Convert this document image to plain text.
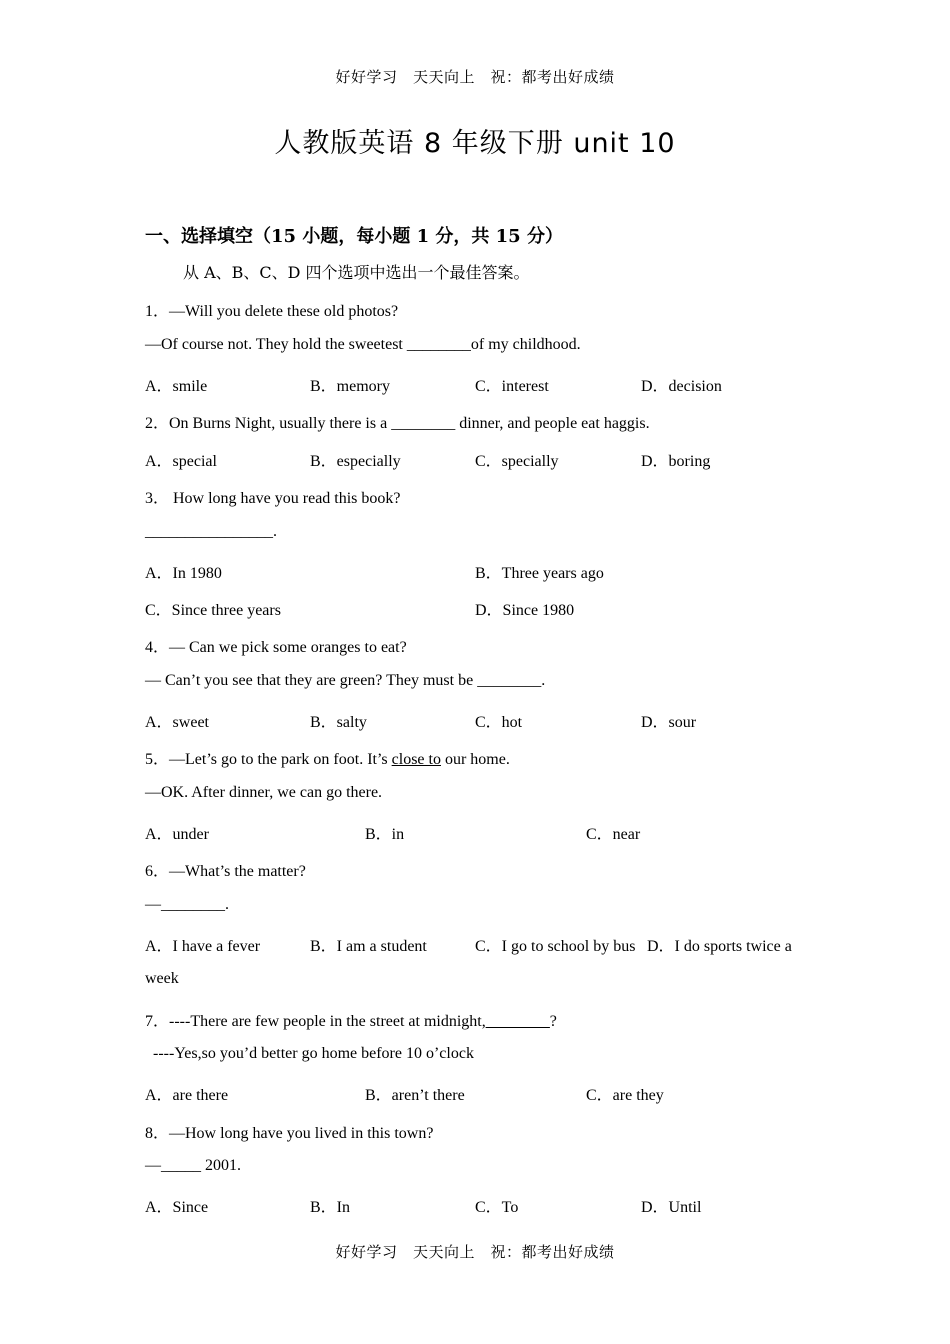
好好学习　天天向上　祝：都考出好成绩
人教版英语 8 年级下册 unit 10
一、选择填空（15 小题，每小题 1 分，共 15 分）
从 A、B、C、D 四个选项中选出一个最佳答案。
1．—Will you delete these old photos?
—Of course not. They hold the sweetest ________of my childhood.
A．smile	B．memory	C．interest	D．decision
2．On Burns Night, usually there is a ________ dinner, and people eat haggis.
A．special	B．especially	C．specially	D．boring
3． How long have you read this book?
________________.
A．In 1980	B．Three years ago
C．Since three years	D．Since 1980
4．— Can we pick some oranges to eat?
— Can’t you see that they are green? They must be ________.
A．sweet	B．salty	C．hot	D．sour
5．—Let’s go to the park on foot. It’s close to our home.
—OK. After dinner, we can go there.
A．under	B．in	C．near
6．—What’s the matter?
—________.
A．I have a fever	B．I am a student	C．I go to school by bus D．I do sports twice a
week
7．----There are few people in the street at midnight,________?
----Yes,so you’d better go home before 10 o’clock
A．are there	B．aren’t there	C．are they
8．—How long have you lived in this town?
—_____ 2001.
A．Since	B．In	C．To	D．Until
好好学习　天天向上　祝：都考出好成绩
